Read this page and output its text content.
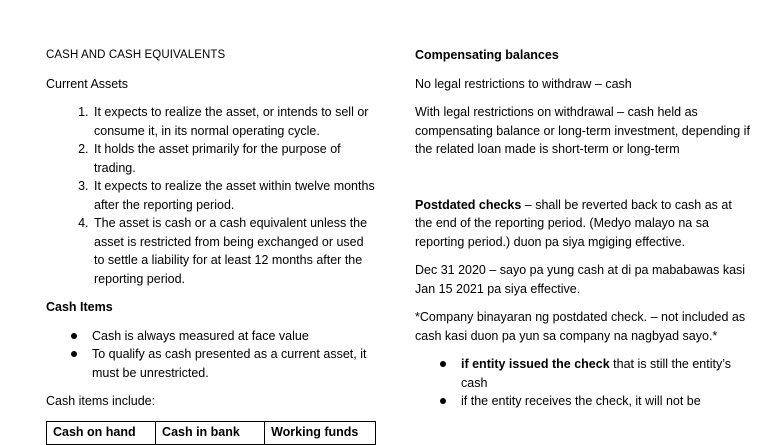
CASH AND CASH EQUIVALENTS

Current Assets

1. It expects to realize the asset, or intends to sell or consume it, in its normal operating cycle.
2. It holds the asset primarily for the purpose of trading.
3. It expects to realize the asset within twelve months after the reporting period.
4. The asset is cash or a cash equivalent unless the asset is restricted from being exchanged or used to settle a liability for at least 12 months after the reporting period.

Cash Items

Cash is always measured at face value
To qualify as cash presented as a current asset, it must be unrestricted.

Cash items include:

Cash on hand	Cash in bank	Working funds

Compensating balances

No legal restrictions to withdraw – cash

With legal restrictions on withdrawal – cash held as compensating balance or long-term investment, depending if the related loan made is short-term or long-term

Postdated checks – shall be reverted back to cash as at the end of the reporting period. (Medyo malayo na sa reporting period.) duon pa siya mgiging effective.

Dec 31 2020 – sayo pa yung cash at di pa mababawas kasi Jan 15 2021 pa siya effective.

*Company binayaran ng postdated check. – not included as cash kasi duon pa yun sa company na nagbyad sayo.*

if entity issued the check that is still the entity’s cash
if the entity receives the check, it will not be
